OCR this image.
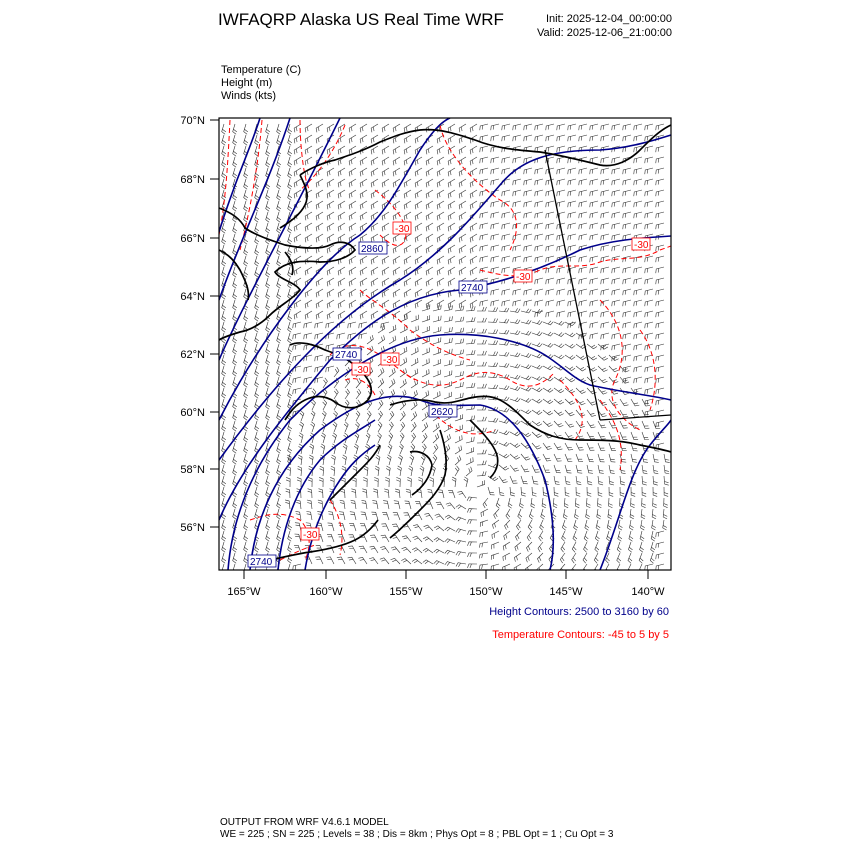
IWFAQRP Alaska US Real Time WRF	Init: 2025-12-04_00:00:00
Valid: 2025-12-06_21:00:00
Temperature (C)
Height (m)
Winds (kts)
70°N
68°N
66°N
64°N
62°N
60°N
58°N
56°N
165°W	160°W	155°W	150°W	145°W	140°W
2860
2740
2740
2620
2740
-30
-30
-30
-30
-30
-30
Height Contours: 2500 to 3160 by 60
Temperature Contours: -45 to 5 by 5
OUTPUT FROM WRF V4.6.1 MODEL
WE = 225 ; SN = 225 ; Levels = 38 ; Dis = 8km ; Phys Opt = 8 ; PBL Opt = 1 ; Cu Opt = 3
